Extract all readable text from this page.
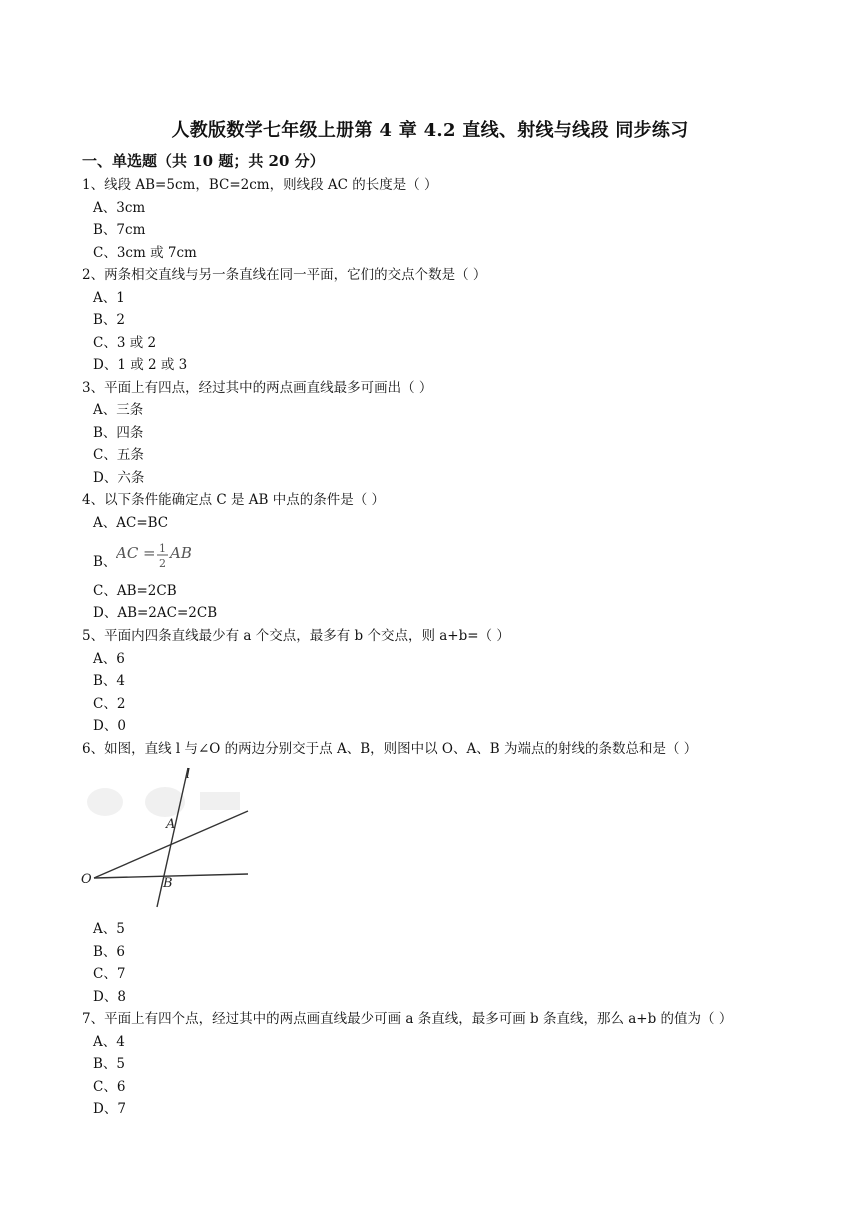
人教版数学七年级上册第 4 章 4.2 直线、射线与线段 同步练习
一、单选题（共 10 题；共 20 分）
1、线段 AB=5cm，BC=2cm，则线段 AC 的长度是（ ）
A、3cm
B、7cm
C、3cm 或 7cm
2、两条相交直线与另一条直线在同一平面，它们的交点个数是（ ）
A、1
B、2
C、3 或 2
D、1 或 2 或 3
3、平面上有四点，经过其中的两点画直线最多可画出（ ）
A、三条
B、四条
C、五条
D、六条
4、以下条件能确定点 C 是 AB 中点的条件是（ ）
A、AC=BC
B、 AC = 1
2
AB
C、AB=2CB
D、AB=2AC=2CB
5、平面内四条直线最少有 a 个交点，最多有 b 个交点，则 a+b=（ ）
A、6
B、4
C、2
D、0
6、如图，直线 l 与∠O 的两边分别交于点 A、B，则图中以 O、A、B 为端点的射线的条数总和是（ ）
l
A
B
O
A、5
B、6
C、7
D、8
7、平面上有四个点，经过其中的两点画直线最少可画 a 条直线，最多可画 b 条直线，那么 a+b 的值为（ ）
A、4
B、5
C、6
D、7
